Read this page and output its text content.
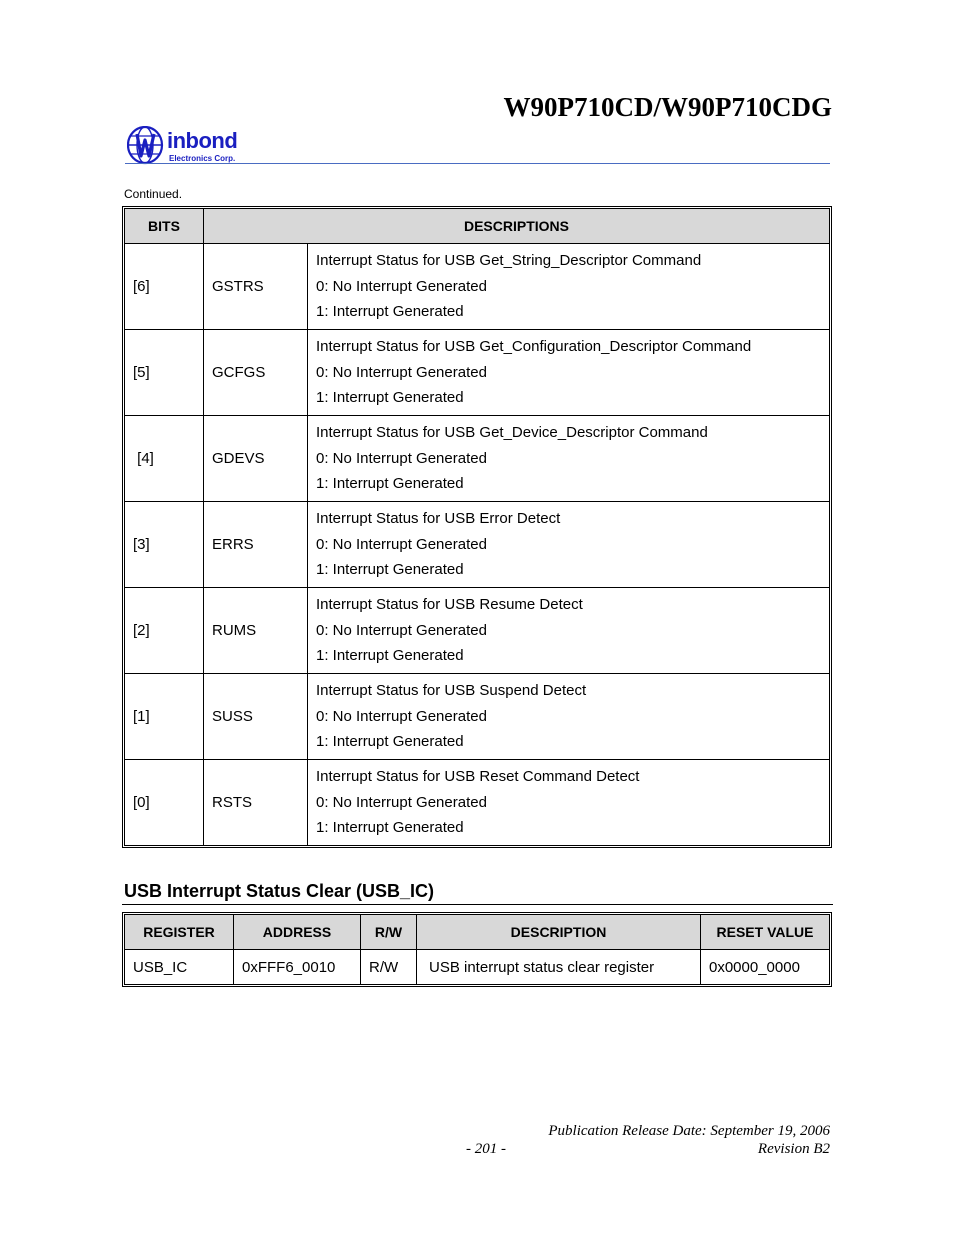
W90P710CD/W90P710CDG
inbond
Electronics Corp.
Continued.
BITS	DESCRIPTIONS	
[6]	GSTRS	Interrupt Status for USB Get_String_Descriptor Command
0: No Interrupt Generated
1: Interrupt Generated

[5]	GCFGS	Interrupt Status for USB Get_Configuration_Descriptor Command
0: No Interrupt Generated
1: Interrupt Generated

[4]	GDEVS	Interrupt Status for USB Get_Device_Descriptor Command
0: No Interrupt Generated
1: Interrupt Generated

[3]	ERRS	Interrupt Status for USB Error Detect
0: No Interrupt Generated
1: Interrupt Generated

[2]	RUMS	Interrupt Status for USB Resume Detect
0: No Interrupt Generated
1: Interrupt Generated

[1]	SUSS	Interrupt Status for USB Suspend Detect
0: No Interrupt Generated
1: Interrupt Generated

[0]	RSTS	Interrupt Status for USB Reset Command Detect
0: No Interrupt Generated
1: Interrupt Generated
USB Interrupt Status Clear (USB_IC)
REGISTER	ADDRESS	R/W	DESCRIPTION	RESET VALUE
USB_IC	0xFFF6_0010	R/W	USB interrupt status clear register	0x0000_0000
Publication Release Date: September 19, 2006
- 201 -	Revision B2
